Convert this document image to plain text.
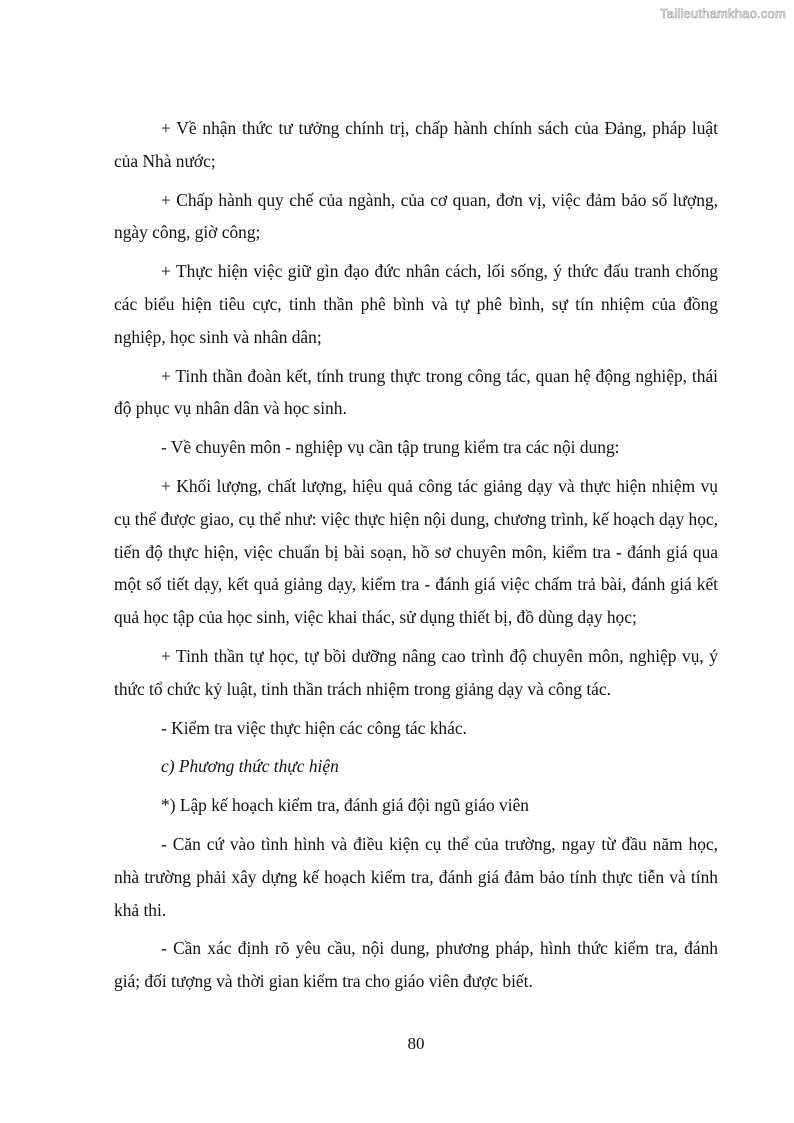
Tailieuthamkhao.com

+ Về nhận thức tư tưởng chính trị, chấp hành chính sách của Đảng, pháp luật của Nhà nước;

+ Chấp hành quy chế của ngành, của cơ quan, đơn vị, việc đảm bảo số lượng, ngày công, giờ công;

+ Thực hiện việc giữ gìn đạo đức nhân cách, lối sống, ý thức đấu tranh chống các biểu hiện tiêu cực, tinh thần phê bình và tự phê bình, sự tín nhiệm của đồng nghiệp, học sinh và nhân dân;

+ Tinh thần đoàn kết, tính trung thực trong công tác, quan hệ động nghiệp, thái độ phục vụ nhân dân và học sinh.

- Về chuyên môn - nghiệp vụ cần tập trung kiểm tra các nội dung:

+ Khối lượng, chất lượng, hiệu quả công tác giảng dạy và thực hiện nhiệm vụ cụ thể được giao, cụ thể như: việc thực hiện nội dung, chương trình, kế hoạch dạy học, tiến độ thực hiện, việc chuẩn bị bài soạn, hồ sơ chuyên môn, kiểm tra - đánh giá qua một số tiết dạy, kết quả giảng dạy, kiểm tra - đánh giá việc chấm trả bài, đánh giá kết quả học tập của học sinh, việc khai thác, sử dụng thiết bị, đồ dùng dạy học;

+ Tinh thần tự học, tự bồi dưỡng nâng cao trình độ chuyên môn, nghiệp vụ, ý thức tổ chức kỷ luật, tinh thần trách nhiệm trong giảng dạy và công tác.

- Kiểm tra việc thực hiện các công tác khác.

c) Phương thức thực hiện

*) Lập kế hoạch kiểm tra, đánh giá đội ngũ giáo viên

- Căn cứ vào tình hình và điều kiện cụ thể của trường, ngay từ đầu năm học, nhà trường phải xây dựng kế hoạch kiểm tra, đánh giá đảm bảo tính thực tiễn và tính khả thi.

- Cần xác định rõ yêu cầu, nội dung, phương pháp, hình thức kiểm tra, đánh giá; đối tượng và thời gian kiểm tra cho giáo viên được biết.

80
